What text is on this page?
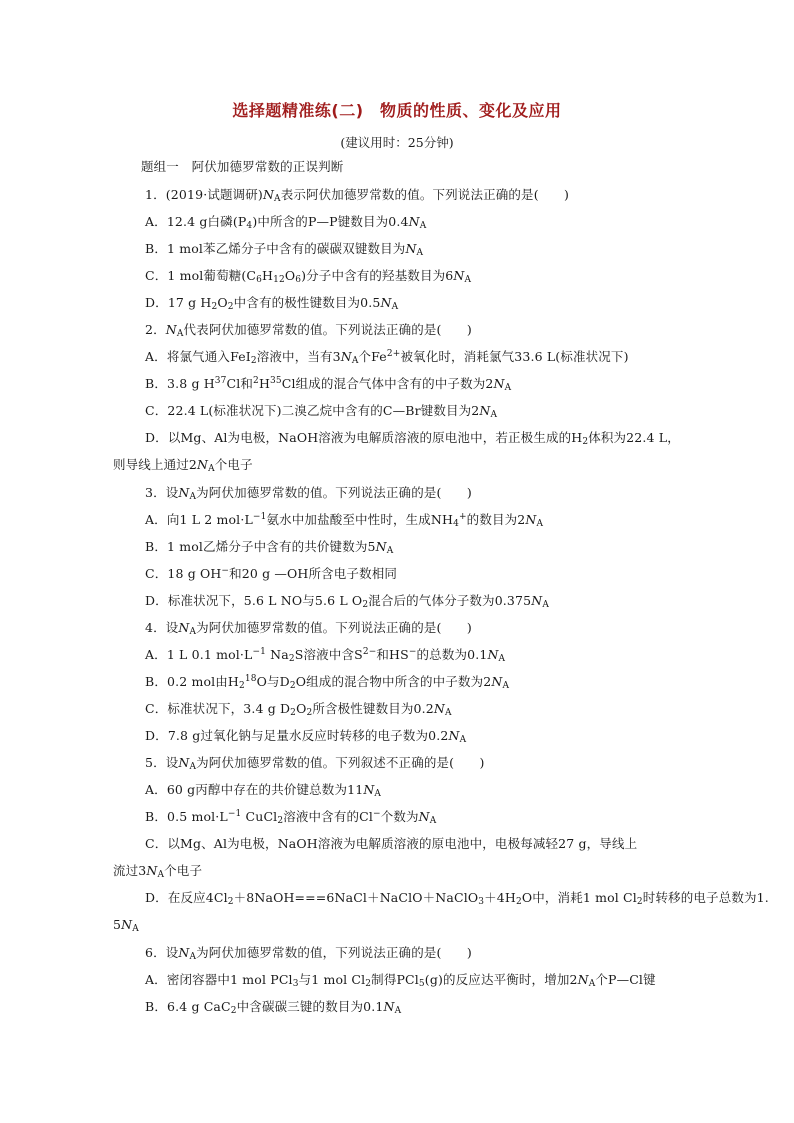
选择题精准练(二)　物质的性质、变化及应用
(建议用时：25分钟)
题组一　阿伏加德罗常数的正误判断
1．(2019·试题调研)$N_A$表示阿伏加德罗常数的值。下列说法正确的是(　　)
A．12.4 g白磷$(P_4)$中所含的P—P键数目为$0.4N_A$
B．1 mol苯乙烯分子中含有的碳碳双键数目为$N_A$
C．1 mol葡萄糖$(C_6H_{12}O_6)$分子中含有的羟基数目为$6N_A$
D．17 g $H_2O_2$中含有的极性键数目为$0.5N_A$
2．$N_A$代表阿伏加德罗常数的值。下列说法正确的是(　　)
A．将氯气通入FeI$_2$溶液中，当有$3N_A$个$Fe^{2+}$被氧化时，消耗氯气33.6 L(标准状况下)
B．3.8 g $H^{37}Cl$和$^2H^{35}Cl$组成的混合气体中含有的中子数为$2N_A$
C．22.4 L(标准状况下)二溴乙烷中含有的C—Br键数目为$2N_A$
D．以Mg、Al为电极，NaOH溶液为电解质溶液的原电池中，若正极生成的$H_2$体积为22.4 L，
则导线上通过$2N_A$个电子
3．设$N_A$为阿伏加德罗常数的值。下列说法正确的是(　　)
A．向1 L 2 $mol\cdot L^{-1}$氨水中加盐酸至中性时，生成$NH_4^+$的数目为$2N_A$
B．1 mol乙烯分子中含有的共价键数为$5N_A$
C．18 g OH−和20 g —OH所含电子数相同
D．标准状况下，5.6 L NO与5.6 L $O_2$混合后的气体分子数为$0.375N_A$
4．设$N_A$为阿伏加德罗常数的值。下列说法正确的是(　　)
A．1 L 0.1 $mol\cdot L^{-1}$ $Na_2S$溶液中含$S^{2-}$和HS−的总数为$0.1N_A$
B．0.2 mol由$H_2^{18}O$与$D_2O$组成的混合物中所含的中子数为$2N_A$
C．标准状况下，3.4 g $D_2O_2$所含极性键数目为$0.2N_A$
D．7.8 g过氧化钠与足量水反应时转移的电子数为$0.2N_A$
5．设$N_A$为阿伏加德罗常数的值。下列叙述不正确的是(　　)
A．60 g丙醇中存在的共价键总数为$11N_A$
B．0.5 $mol\cdot L^{-1}$ CuCl$_2$溶液中含有的Cl−个数为$N_A$
C．以Mg、Al为电极，NaOH溶液为电解质溶液的原电池中，电极每减轻27 g，导线上
流过$3N_A$个电子
D．在反应$4Cl_2+8NaOH===6NaCl+NaClO+NaClO_3+4H_2O$中，消耗1 mol $Cl_2$时转移的电子总数为1.
$5N_A$
6．设$N_A$为阿伏加德罗常数的值，下列说法正确的是(　　)
A．密闭容器中1 mol PCl$_3$与1 mol $Cl_2$制得PCl$_5$(g)的反应达平衡时，增加$2N_A$个P—Cl键
B．6.4 g CaC$_2$中含碳碳三键的数目为$0.1N_A$
